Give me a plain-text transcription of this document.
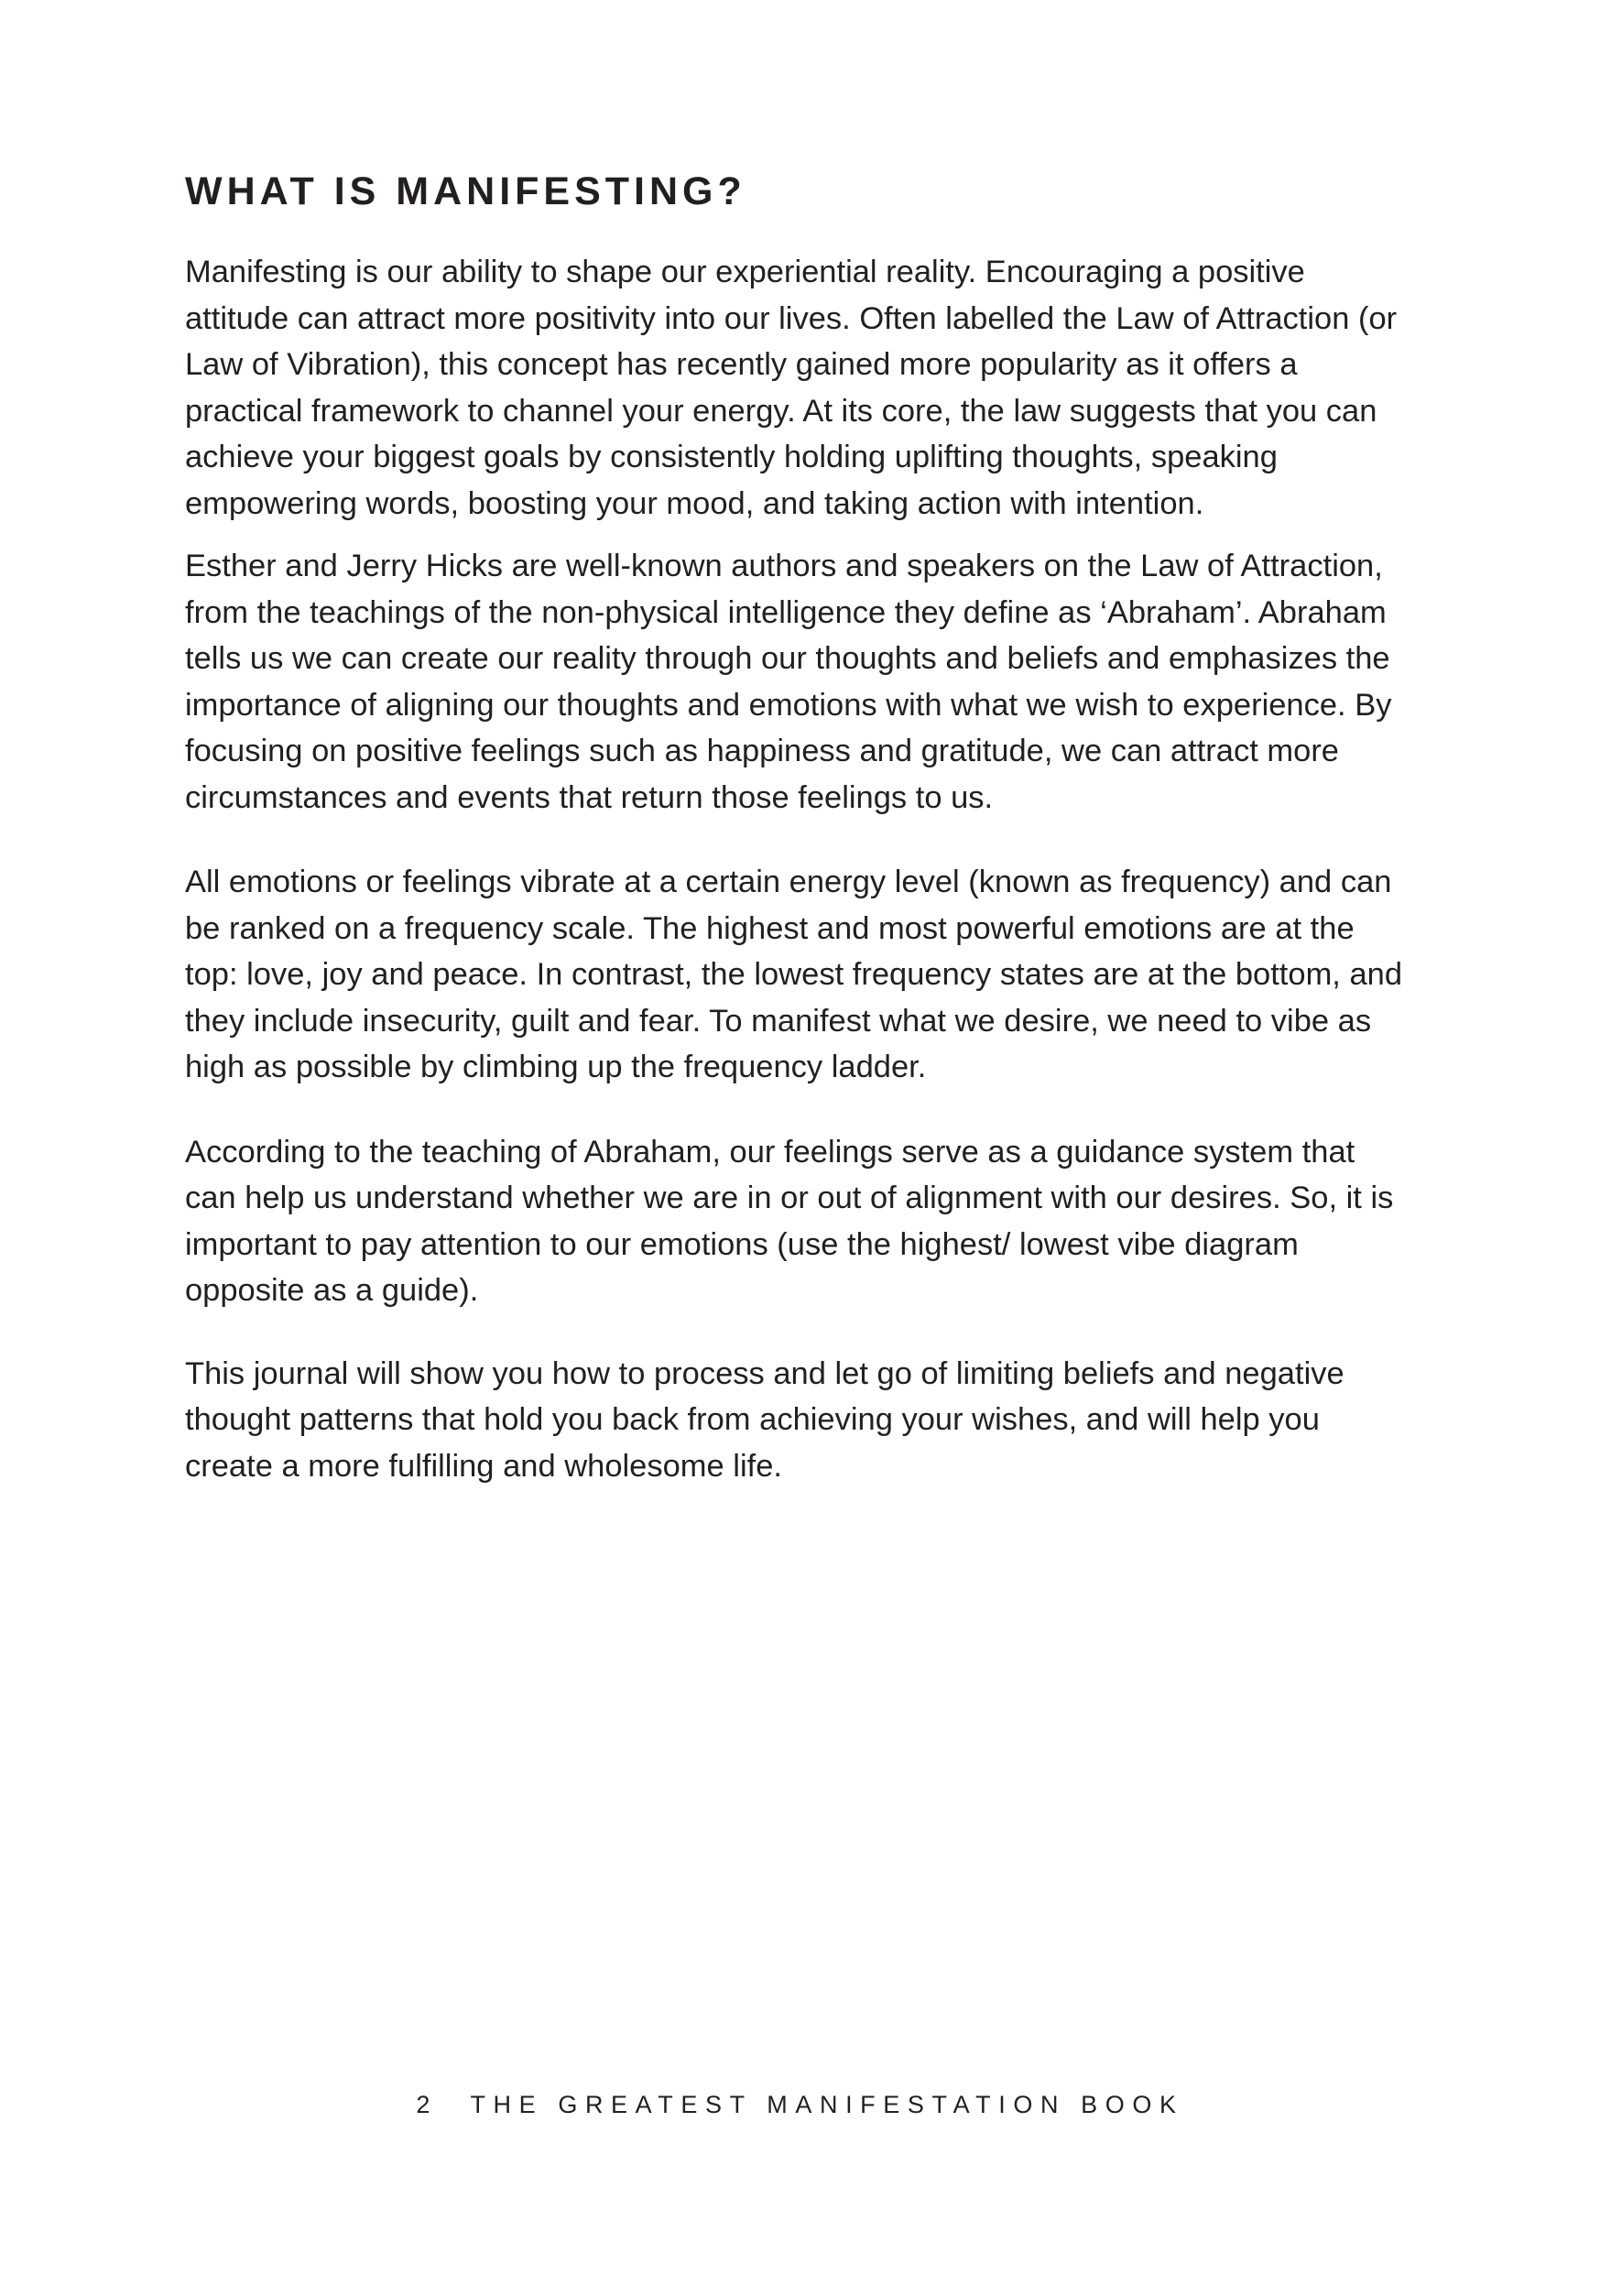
WHAT IS MANIFESTING?

Manifesting is our ability to shape our experiential reality. Encouraging a positive attitude can attract more positivity into our lives. Often labelled the Law of Attraction (or Law of Vibration), this concept has recently gained more popularity as it offers a practical framework to channel your energy. At its core, the law suggests that you can achieve your biggest goals by consistently holding uplifting thoughts, speaking empowering words, boosting your mood, and taking action with intention.

Esther and Jerry Hicks are well-known authors and speakers on the Law of Attraction, from the teachings of the non-physical intelligence they define as ‘Abraham’. Abraham tells us we can create our reality through our thoughts and beliefs and emphasizes the importance of aligning our thoughts and emotions with what we wish to experience. By focusing on positive feelings such as happiness and gratitude, we can attract more circumstances and events that return those feelings to us.

All emotions or feelings vibrate at a certain energy level (known as frequency) and can be ranked on a frequency scale. The highest and most powerful emotions are at the top: love, joy and peace. In contrast, the lowest frequency states are at the bottom, and they include insecurity, guilt and fear. To manifest what we desire, we need to vibe as high as possible by climbing up the frequency ladder.

According to the teaching of Abraham, our feelings serve as a guidance system that can help us understand whether we are in or out of alignment with our desires. So, it is important to pay attention to our emotions (use the highest/ lowest vibe diagram opposite as a guide).

This journal will show you how to process and let go of limiting beliefs and negative thought patterns that hold you back from achieving your wishes, and will help you create a more fulfilling and wholesome life.

2 THE GREATEST MANIFESTATION BOOK
